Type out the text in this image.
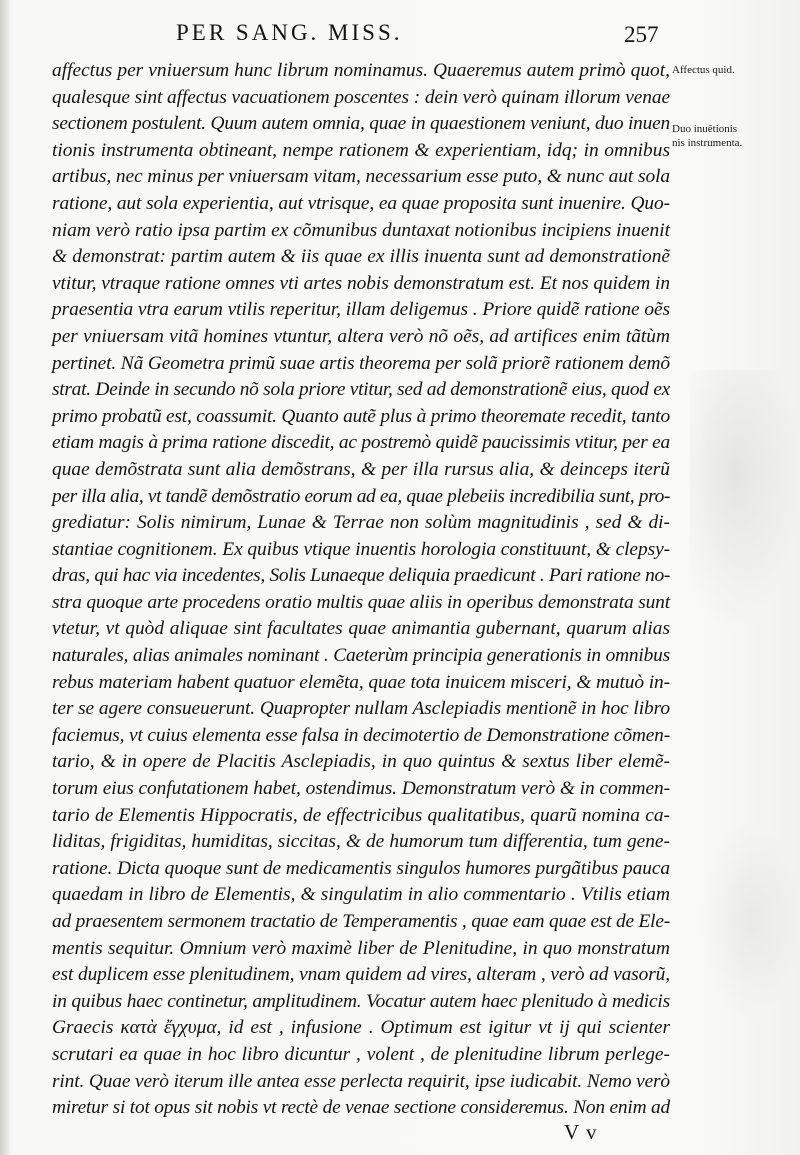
PER SANG. MISS.	257
Affectus quid.
Duo inuẽtionis
nis instrumenta.
affectus per vniuersum hunc librum nominamus. Quaeremus autem primò quot,
qualesque sint affectus vacuationem poscentes : dein verò quinam illorum venae
sectionem postulent. Quum autem omnia, quae in quaestionem veniunt, duo inuen
tionis instrumenta obtineant, nempe rationem & experientiam, idq; in omnibus
artibus, nec minus per vniuersam vitam, necessarium esse puto, & nunc aut sola
ratione, aut sola experientia, aut vtrisque, ea quae proposita sunt inuenire. Quo-
niam verò ratio ipsa partim ex cõmunibus duntaxat notionibus incipiens inuenit
& demonstrat: partim autem & iis quae ex illis inuenta sunt ad demonstrationẽ
vtitur, vtraque ratione omnes vti artes nobis demonstratum est. Et nos quidem in
praesentia vtra earum vtilis reperitur, illam deligemus . Priore quidẽ ratione oẽs
per vniuersam vitã homines vtuntur, altera verò nõ oẽs, ad artifices enim tãtùm
pertinet. Nã Geometra primũ suae artis theorema per solã priorẽ rationem demõ
strat. Deinde in secundo nõ sola priore vtitur, sed ad demonstrationẽ eius, quod ex
primo probatũ est, coassumit. Quanto autẽ plus à primo theoremate recedit, tanto
etiam magis à prima ratione discedit, ac postremò quidẽ paucissimis vtitur, per ea
quae demõstrata sunt alia demõstrans, & per illa rursus alia, & deinceps iterũ
per illa alia, vt tandẽ demõstratio eorum ad ea, quae plebeiis incredibilia sunt, pro-
grediatur: Solis nimirum, Lunae & Terrae non solùm magnitudinis , sed & di-
stantiae cognitionem. Ex quibus vtique inuentis horologia constituunt, & clepsy-
dras, qui hac via incedentes, Solis Lunaeque deliquia praedicunt . Pari ratione no-
stra quoque arte procedens oratio multis quae aliis in operibus demonstrata sunt
vtetur, vt quòd aliquae sint facultates quae animantia gubernant, quarum alias
naturales, alias animales nominant . Caeterùm principia generationis in omnibus
rebus materiam habent quatuor elemẽta, quae tota inuicem misceri, & mutuò in-
ter se agere consueuerunt. Quapropter nullam Asclepiadis mentionẽ in hoc libro
faciemus, vt cuius elementa esse falsa in decimotertio de Demonstratione cõmen-
tario, & in opere de Placitis Asclepiadis, in quo quintus & sextus liber elemẽ-
torum eius confutationem habet, ostendimus. Demonstratum verò & in commen-
tario de Elementis Hippocratis, de effectricibus qualitatibus, quarũ nomina ca-
liditas, frigiditas, humiditas, siccitas, & de humorum tum differentia, tum gene-
ratione. Dicta quoque sunt de medicamentis singulos humores purgãtibus pauca
quaedam in libro de Elementis, & singulatim in alio commentario . Vtilis etiam
ad praesentem sermonem tractatio de Temperamentis , quae eam quae est de Ele-
mentis sequitur. Omnium verò maximè liber de Plenitudine, in quo monstratum
est duplicem esse plenitudinem, vnam quidem ad vires, alteram , verò ad vasorũ,
in quibus haec continetur, amplitudinem. Vocatur autem haec plenitudo à medicis
Graecis κατὰ ἔγχυμα, id est , infusione . Optimum est igitur vt ij qui scienter
scrutari ea quae in hoc libro dicuntur , volent , de plenitudine librum perlege-
rint. Quae verò iterum ille antea esse perlecta requirit, ipse iudicabit. Nemo verò
miretur si tot opus sit nobis vt rectè de venae sectione consideremus. Non enim ad
V v
